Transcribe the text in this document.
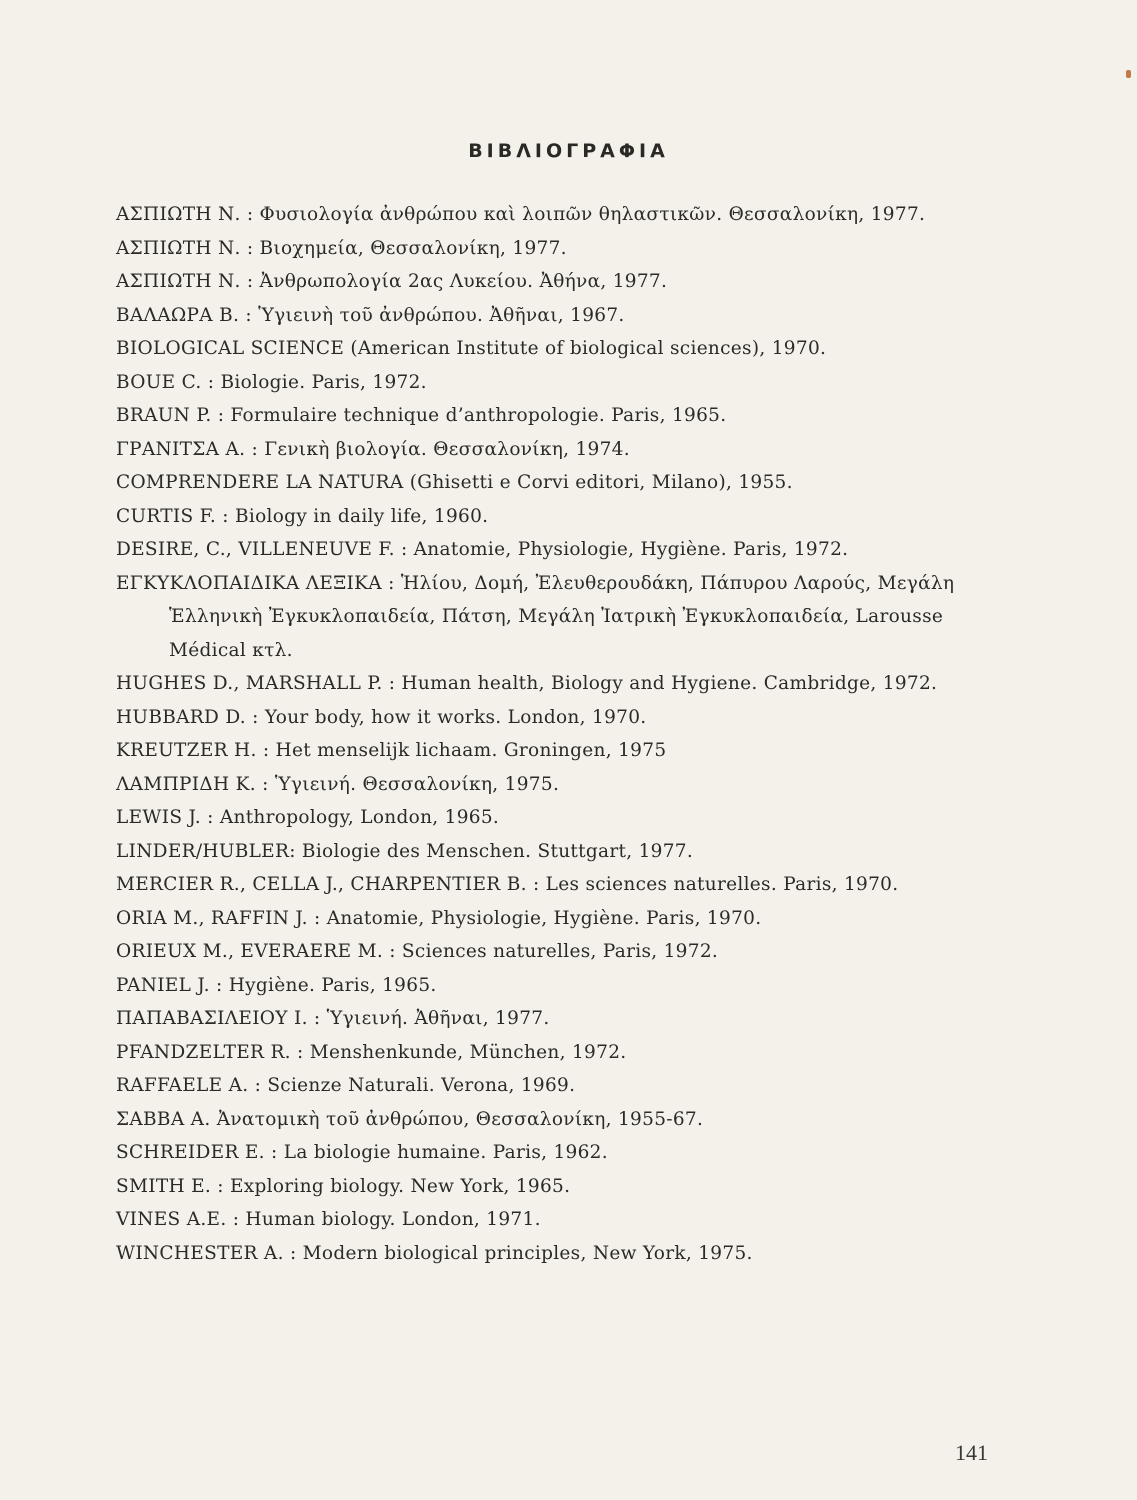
ΒΙΒΛΙΟΓΡΑΦΙΑ
ΑΣΠΙΩΤΗ Ν. : Φυσιολογία ἀνθρώπου καὶ λοιπῶν θηλαστικῶν. Θεσσαλονίκη, 1977.
ΑΣΠΙΩΤΗ Ν. : Βιοχημεία, Θεσσαλονίκη, 1977.
ΑΣΠΙΩΤΗ Ν. : Ἀνθρωπολογία 2ας Λυκείου. Ἀθήνα, 1977.
ΒΑΛΑΩΡΑ Β. : Ὑγιεινὴ τοῦ ἀνθρώπου. Ἀθῆναι, 1967.
BIOLOGICAL SCIENCE (American Institute of biological sciences), 1970.
BOUE C. : Biologie. Paris, 1972.
BRAUN P. : Formulaire technique d’anthropologie. Paris, 1965.
ΓΡΑΝΙΤΣΑ Α. : Γενικὴ βιολογία. Θεσσαλονίκη, 1974.
COMPRENDERE LA NATURA (Ghisetti e Corvi editori, Milano), 1955.
CURTIS F. : Biology in daily life, 1960.
DESIRE, C., VILLENEUVE F. : Anatomie, Physiologie, Hygiène. Paris, 1972.
ΕΓΚΥΚΛΟΠΑΙΔΙΚΑ ΛΕΞΙΚΑ : Ἡλίου, Δομή, Ἐλευθερουδάκη, Πάπυρου Λαρούς, Μεγάλη Ἑλληνικὴ Ἐγκυκλοπαιδεία, Πάτση, Μεγάλη Ἰατρικὴ Ἐγκυκλοπαιδεία, Larousse Médical κτλ.
HUGHES D., MARSHALL P. : Human health, Biology and Hygiene. Cambridge, 1972.
HUBBARD D. : Your body, how it works. London, 1970.
KREUTZER H. : Het menselijk lichaam. Groningen, 1975
ΛΑΜΠΡΙΔΗ Κ. : Ὑγιεινή. Θεσσαλονίκη, 1975.
LEWIS J. : Anthropology, London, 1965.
LINDER/HUBLER: Biologie des Menschen. Stuttgart, 1977.
MERCIER R., CELLA J., CHARPENTIER B. : Les sciences naturelles. Paris, 1970.
ORIA M., RAFFIN J. : Anatomie, Physiologie, Hygiène. Paris, 1970.
ORIEUX M., EVERAERE M. : Sciences naturelles, Paris, 1972.
PANIEL J. : Hygiène. Paris, 1965.
ΠΑΠΑΒΑΣΙΛΕΙΟΥ Ι. : Ὑγιεινή. Ἀθῆναι, 1977.
PFANDZELTER R. : Menshenkunde, München, 1972.
RAFFAELE A. : Scienze Naturali. Verona, 1969.
ΣΑΒΒΑ Α. Ἀνατομικὴ τοῦ ἀνθρώπου, Θεσσαλονίκη, 1955-67.
SCHREIDER E. : La biologie humaine. Paris, 1962.
SMITH E. : Exploring biology. New York, 1965.
VINES A.E. : Human biology. London, 1971.
WINCHESTER A. : Modern biological principles, New York, 1975.
141
